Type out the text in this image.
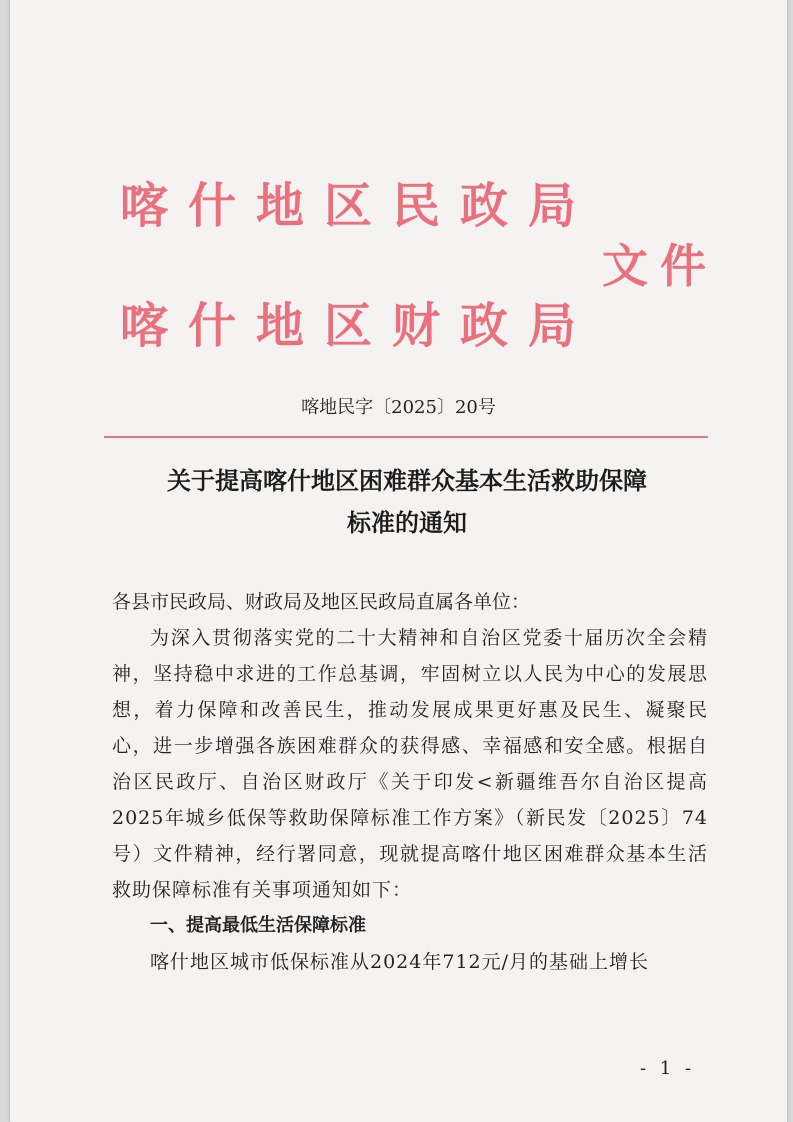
喀什地区民政局
文件
喀什地区财政局
喀地民字〔2025〕20号
关于提高喀什地区困难群众基本生活救助保障
标准的通知

各县市民政局、财政局及地区民政局直属各单位：

为深入贯彻落实党的二十大精神和自治区党委十届历次全会精神，坚持稳中求进的工作总基调，牢固树立以人民为中心的发展思想，着力保障和改善民生，推动发展成果更好惠及民生、凝聚民心，进一步增强各族困难群众的获得感、幸福感和安全感。根据自治区民政厅、自治区财政厅《关于印发<新疆维吾尔自治区提高2025年城乡低保等救助保障标准工作方案》（新民发〔2025〕74号）文件精神，经行署同意，现就提高喀什地区困难群众基本生活救助保障标准有关事项通知如下：

一、提高最低生活保障标准

喀什地区城市低保标准从2024年712元/月的基础上增长

- 1 -
